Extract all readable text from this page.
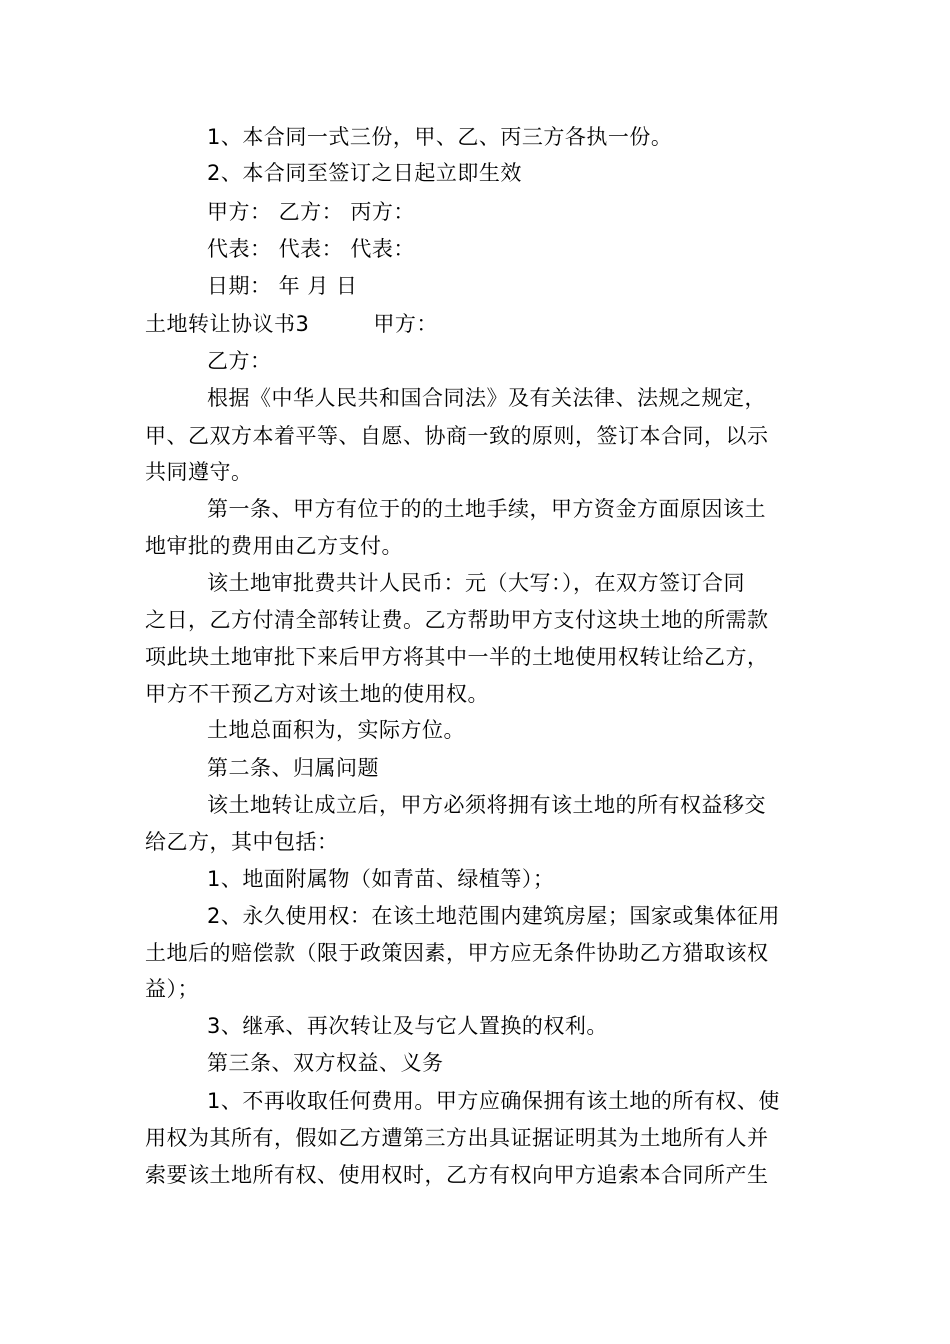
1、本合同一式三份，甲、乙、丙三方各执一份。
2、本合同至签订之日起立即生效
甲方： 乙方： 丙方：
代表： 代表： 代表：
日期： 年 月 日
土地转让协议书3	甲方：
乙方：
根据《中华人民共和国合同法》及有关法律、法规之规定，
甲、乙双方本着平等、自愿、协商一致的原则，签订本合同，以示
共同遵守。
第一条、甲方有位于的的土地手续，甲方资金方面原因该土
地审批的费用由乙方支付。
该土地审批费共计人民币：元（大写：），在双方签订合同
之日，乙方付清全部转让费。乙方帮助甲方支付这块土地的所需款
项此块土地审批下来后甲方将其中一半的土地使用权转让给乙方，
甲方不干预乙方对该土地的使用权。
土地总面积为，实际方位。
第二条、归属问题
该土地转让成立后，甲方必须将拥有该土地的所有权益移交
给乙方，其中包括：
1、地面附属物（如青苗、绿植等）；
2、永久使用权：在该土地范围内建筑房屋；国家或集体征用
土地后的赔偿款（限于政策因素，甲方应无条件协助乙方猎取该权
益）；
3、继承、再次转让及与它人置换的权利。
第三条、双方权益、义务
1、不再收取任何费用。甲方应确保拥有该土地的所有权、使
用权为其所有，假如乙方遭第三方出具证据证明其为土地所有人并
索要该土地所有权、使用权时，乙方有权向甲方追索本合同所产生
